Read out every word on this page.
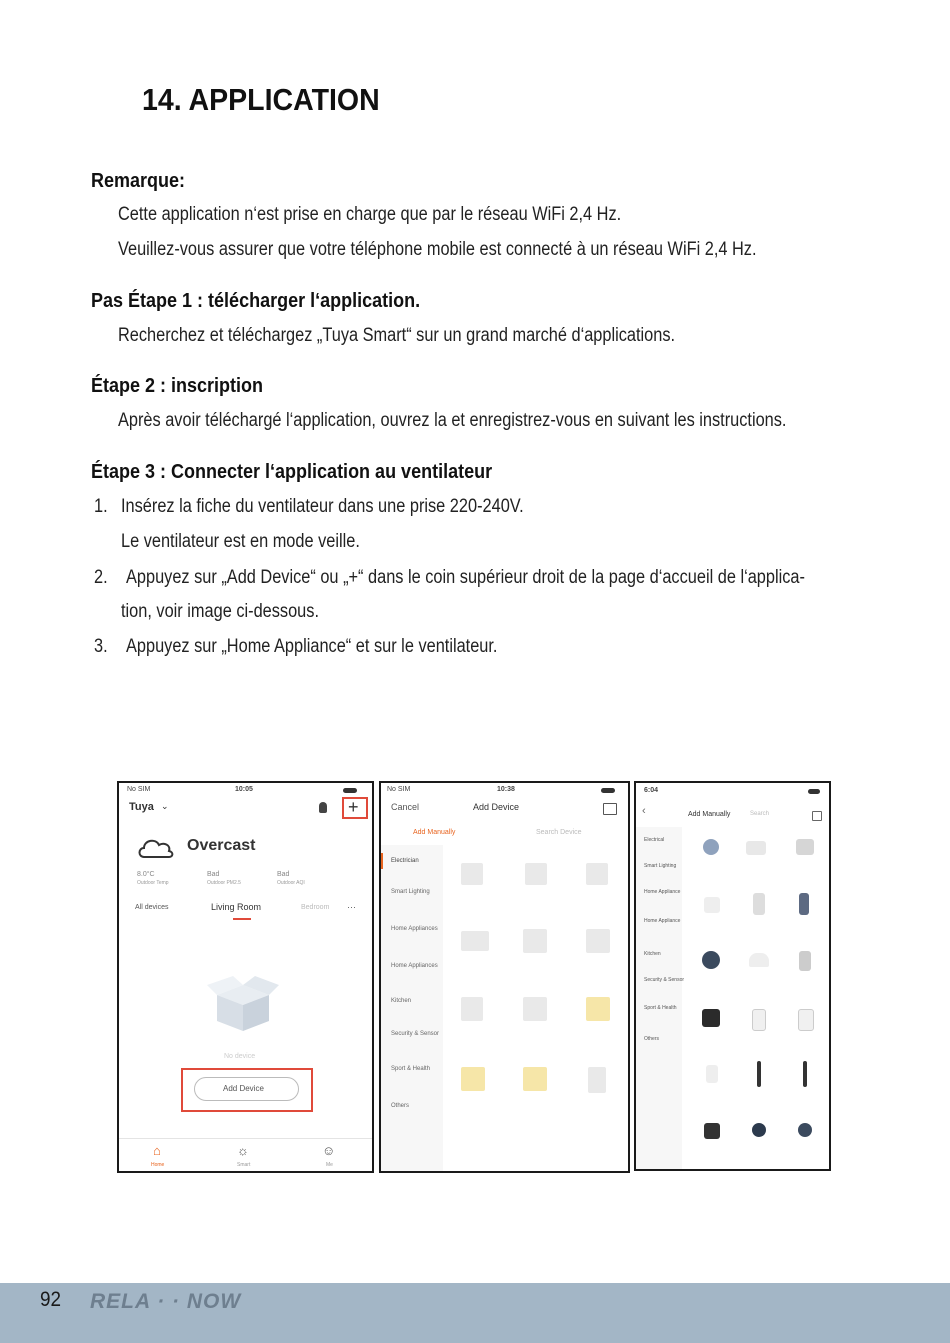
14. APPLICATION
Remarque:
Cette application n‘est prise en charge que par le réseau WiFi 2,4 Hz.
Veuillez-vous assurer que votre téléphone mobile est connecté à un réseau WiFi 2,4 Hz.
Pas Étape 1 : télécharger l‘application.
Recherchez et téléchargez „Tuya Smart“ sur un grand marché d‘applications.
Étape 2 : inscription
Après avoir téléchargé l‘application, ouvrez la et enregistrez-vous en suivant les instructions.
Étape 3 : Connecter l‘application au ventilateur
1. Insérez la fiche du ventilateur dans une prise 220-240V.
Le ventilateur est en mode veille.
2. Appuyez sur „Add Device“ ou „+“ dans le coin supérieur droit de la page d‘accueil de l‘applica-
tion, voir image ci-dessous.
3. Appuyez sur „Home Appliance“ et sur le ventilateur.
No SIM	10:05
Tuya ⌄	+
Overcast
8.0°C	Bad	Bad
Outdoor Temp	Outdoor PM2.5	Outdoor AQI
All devices	Living Room	Bedroom ···
No device
Add Device
⌂
Home
☼
Smart
☺
Me
No SIM	10:38
Cancel	Add Device
Add Manually	Search Device
Electrician
Smart Lighting
Home Appliances
Home Appliances
Kitchen
Security & Sensor
Sport & Health
Others
6:04
‹	Add Manually	Search
Electrical
Smart Lighting
Home Appliance
Home Appliance
Kitchen
Security & Sensor
Sport & Health
Others
92 RELA · · NOW
